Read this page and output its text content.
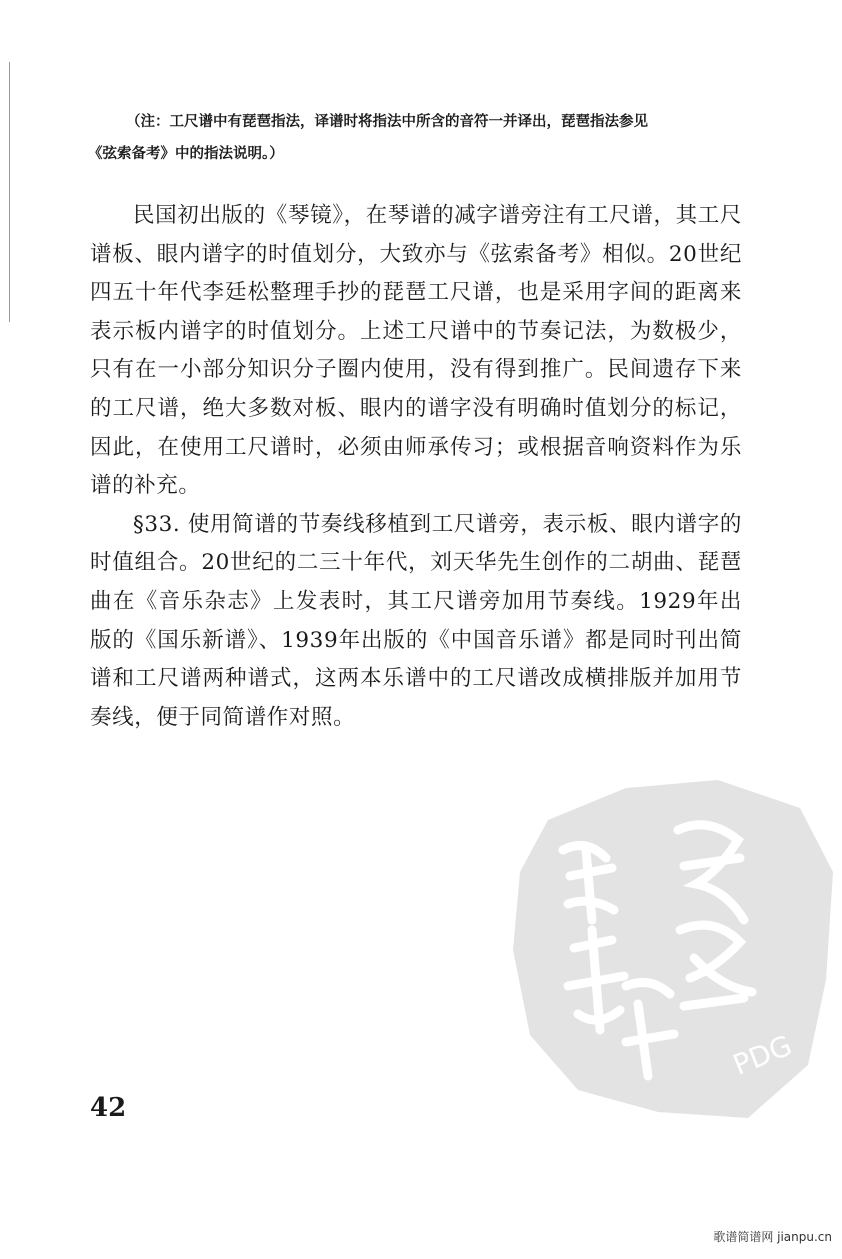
（注：工尺谱中有琵琶指法，译谱时将指法中所含的音符一并译出，琵琶指法参见
《弦索备考》中的指法说明。）

民国初出版的《琴镜》，在琴谱的减字谱旁注有工尺谱，其工尺谱板、眼内谱字的时值划分，大致亦与《弦索备考》相似。20世纪四五十年代李廷松整理手抄的琵琶工尺谱，也是采用字间的距离来表示板内谱字的时值划分。上述工尺谱中的节奏记法，为数极少，只有在一小部分知识分子圈内使用，没有得到推广。民间遗存下来的工尺谱，绝大多数对板、眼内的谱字没有明确时值划分的标记，因此，在使用工尺谱时，必须由师承传习；或根据音响资料作为乐谱的补充。

§33. 使用简谱的节奏线移植到工尺谱旁，表示板、眼内谱字的时值组合。20世纪的二三十年代，刘天华先生创作的二胡曲、琵琶曲在《音乐杂志》上发表时，其工尺谱旁加用节奏线。1929年出版的《国乐新谱》、1939年出版的《中国音乐谱》都是同时刊出简谱和工尺谱两种谱式，这两本乐谱中的工尺谱改成横排版并加用节奏线，便于同简谱作对照。

PDG
42
歌谱简谱网 jianpu.cn
